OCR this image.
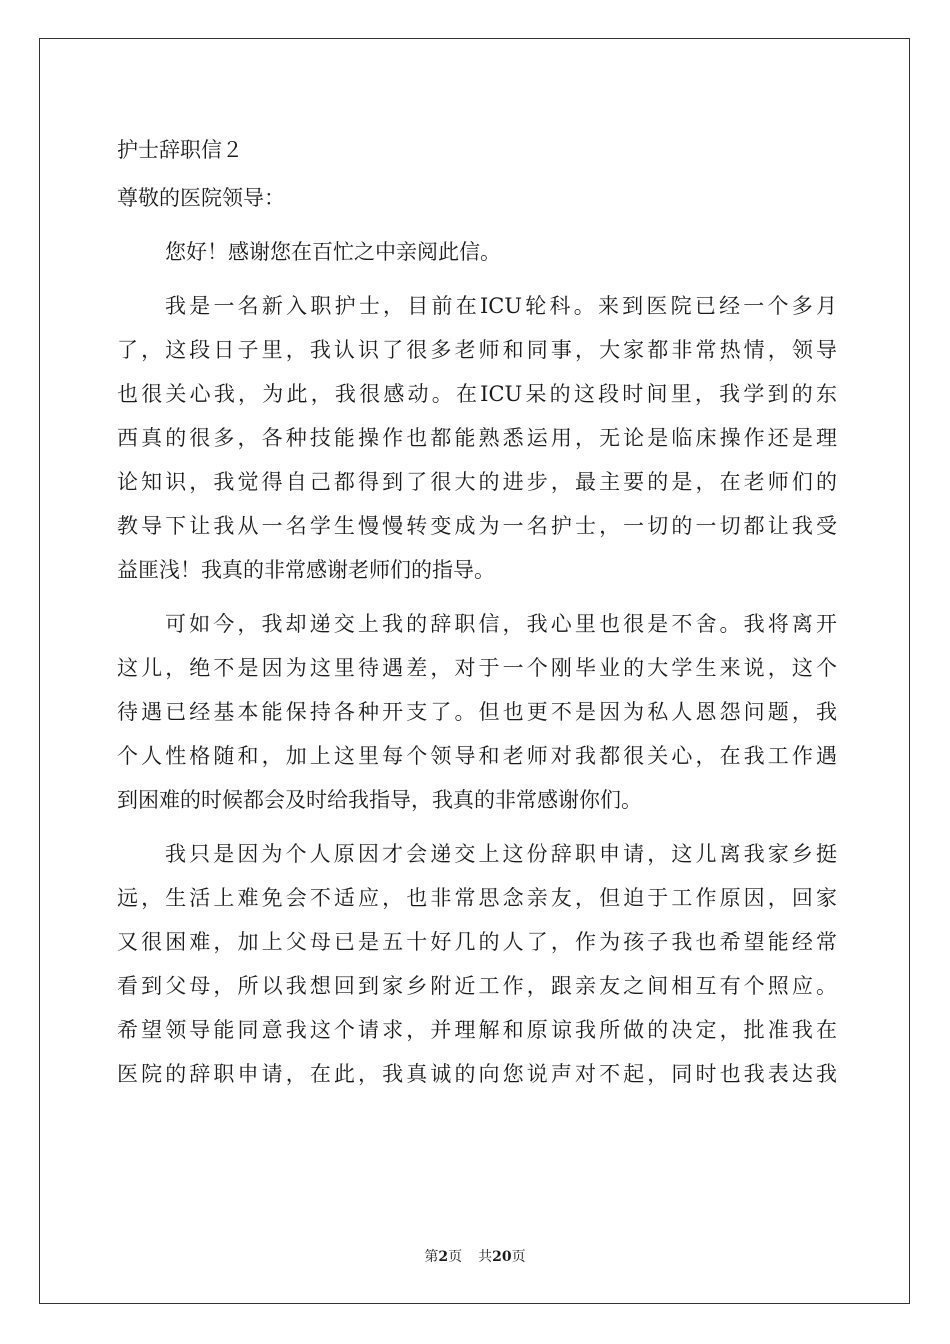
护士辞职信２
尊敬的医院领导：
您好！感谢您在百忙之中亲阅此信。
我是一名新入职护士，目前在ICU轮科。来到医院已经一个多月
了，这段日子里，我认识了很多老师和同事，大家都非常热情，领导
也很关心我，为此，我很感动。在ICU呆的这段时间里，我学到的东
西真的很多，各种技能操作也都能熟悉运用，无论是临床操作还是理
论知识，我觉得自己都得到了很大的进步，最主要的是，在老师们的
教导下让我从一名学生慢慢转变成为一名护士，一切的一切都让我受
益匪浅！我真的非常感谢老师们的指导。
可如今，我却递交上我的辞职信，我心里也很是不舍。我将离开
这儿，绝不是因为这里待遇差，对于一个刚毕业的大学生来说，这个
待遇已经基本能保持各种开支了。但也更不是因为私人恩怨问题，我
个人性格随和，加上这里每个领导和老师对我都很关心，在我工作遇
到困难的时候都会及时给我指导，我真的非常感谢你们。
我只是因为个人原因才会递交上这份辞职申请，这儿离我家乡挺
远，生活上难免会不适应，也非常思念亲友，但迫于工作原因，回家
又很困难，加上父母已是五十好几的人了，作为孩子我也希望能经常
看到父母，所以我想回到家乡附近工作，跟亲友之间相互有个照应。
希望领导能同意我这个请求，并理解和原谅我所做的决定，批准我在
医院的辞职申请，在此，我真诚的向您说声对不起，同时也我表达我
第2页 共20页
